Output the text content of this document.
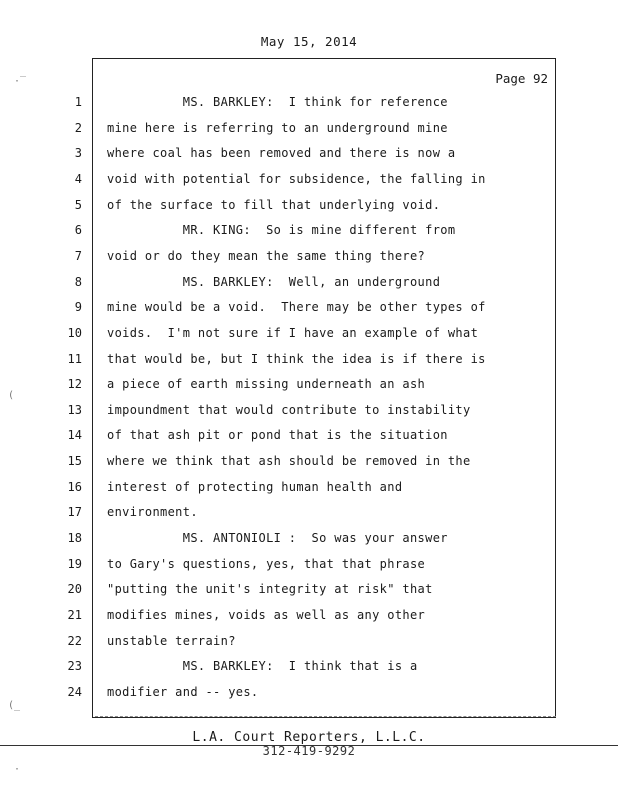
May 15, 2014
Page 92
1 MS. BARKLEY:  I think for reference
2 mine here is referring to an underground mine
3 where coal has been removed and there is now a
4 void with potential for subsidence, the falling in
5 of the surface to fill that underlying void.
6 MR. KING:  So is mine different from
7 void or do they mean the same thing there?
8 MS. BARKLEY:  Well, an underground
9 mine would be a void.  There may be other types of
10 voids.  I'm not sure if I have an example of what
11 that would be, but I think the idea is if there is
12 a piece of earth missing underneath an ash
13 impoundment that would contribute to instability
14 of that ash pit or pond that is the situation
15 where we think that ash should be removed in the
16 interest of protecting human health and
17 environment.
18 MS. ANTONIOLI :  So was your answer
19 to Gary's questions, yes, that that phrase
20 "putting the unit's integrity at risk" that
21 modifies mines, voids as well as any other
22 unstable terrain?
23 MS. BARKLEY:  I think that is a
24 modifier and -- yes.
L.A. Court Reporters, L.L.C.
312-419-9292
·‾
(
(_
·
